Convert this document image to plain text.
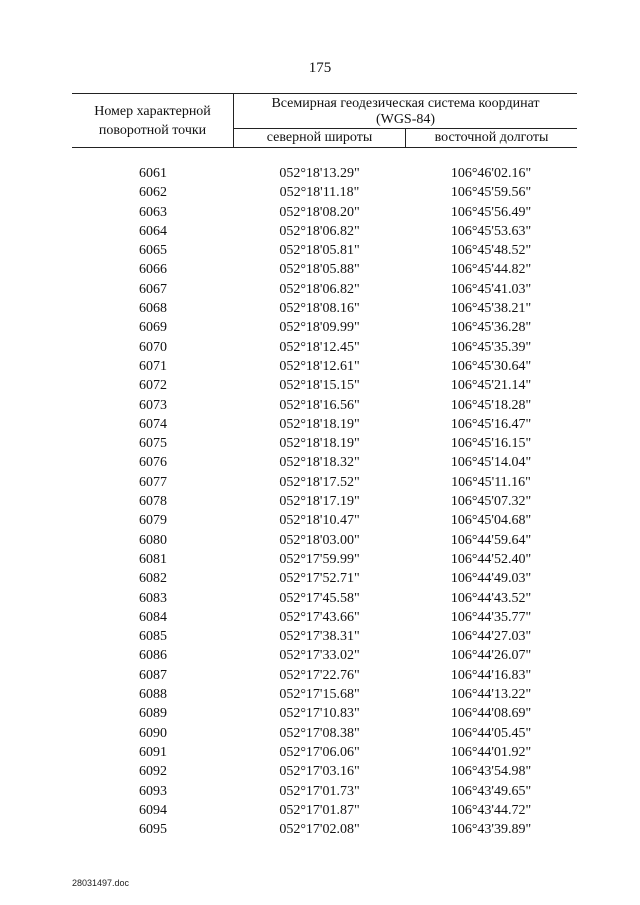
175
Номер характерной
поворотной точки
Всемирная геодезическая система координат
(WGS-84)
северной широты	восточной долготы
6061	052°18'13.29"	106°46'02.16"
6062	052°18'11.18"	106°45'59.56"
6063	052°18'08.20"	106°45'56.49"
6064	052°18'06.82"	106°45'53.63"
6065	052°18'05.81"	106°45'48.52"
6066	052°18'05.88"	106°45'44.82"
6067	052°18'06.82"	106°45'41.03"
6068	052°18'08.16"	106°45'38.21"
6069	052°18'09.99"	106°45'36.28"
6070	052°18'12.45"	106°45'35.39"
6071	052°18'12.61"	106°45'30.64"
6072	052°18'15.15"	106°45'21.14"
6073	052°18'16.56"	106°45'18.28"
6074	052°18'18.19"	106°45'16.47"
6075	052°18'18.19"	106°45'16.15"
6076	052°18'18.32"	106°45'14.04"
6077	052°18'17.52"	106°45'11.16"
6078	052°18'17.19"	106°45'07.32"
6079	052°18'10.47"	106°45'04.68"
6080	052°18'03.00"	106°44'59.64"
6081	052°17'59.99"	106°44'52.40"
6082	052°17'52.71"	106°44'49.03"
6083	052°17'45.58"	106°44'43.52"
6084	052°17'43.66"	106°44'35.77"
6085	052°17'38.31"	106°44'27.03"
6086	052°17'33.02"	106°44'26.07"
6087	052°17'22.76"	106°44'16.83"
6088	052°17'15.68"	106°44'13.22"
6089	052°17'10.83"	106°44'08.69"
6090	052°17'08.38"	106°44'05.45"
6091	052°17'06.06"	106°44'01.92"
6092	052°17'03.16"	106°43'54.98"
6093	052°17'01.73"	106°43'49.65"
6094	052°17'01.87"	106°43'44.72"
6095	052°17'02.08"	106°43'39.89"
28031497.doc
